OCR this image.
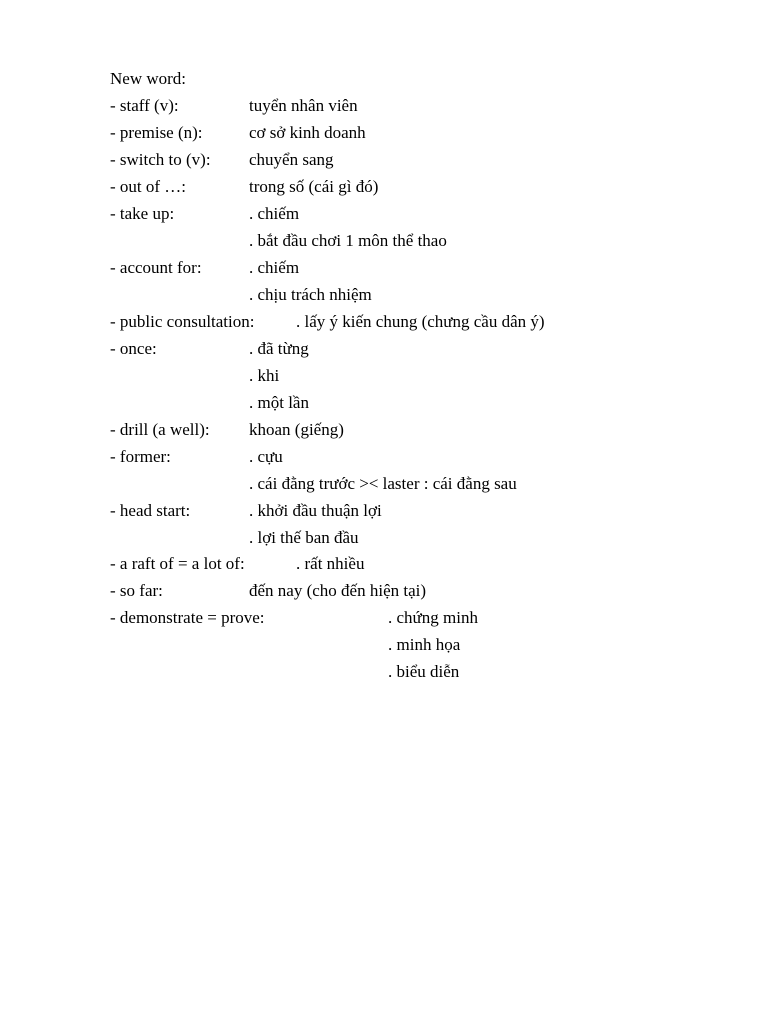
New word:
- staff (v):	tuyển nhân viên
- premise (n):	cơ sở kinh doanh
- switch to (v): chuyển sang
- out of …:	trong số (cái gì đó)
- take up:	. chiếm
. bắt đầu chơi 1 môn thể thao
- account for:	. chiếm
. chịu trách nhiệm
- public consultation: . lấy ý kiến chung (chưng cầu dân ý)
- once:	. đã từng
. khi
. một lần
- drill (a well): khoan (giếng)
- former:	. cựu
. cái đằng trước >< laster : cái đằng sau
- head start:	. khởi đầu thuận lợi
. lợi thế ban đầu
- a raft of = a lot of:	. rất nhiều
- so far:	đến nay (cho đến hiện tại)
- demonstrate = prove:	. chứng minh
. minh họa
. biểu diễn
